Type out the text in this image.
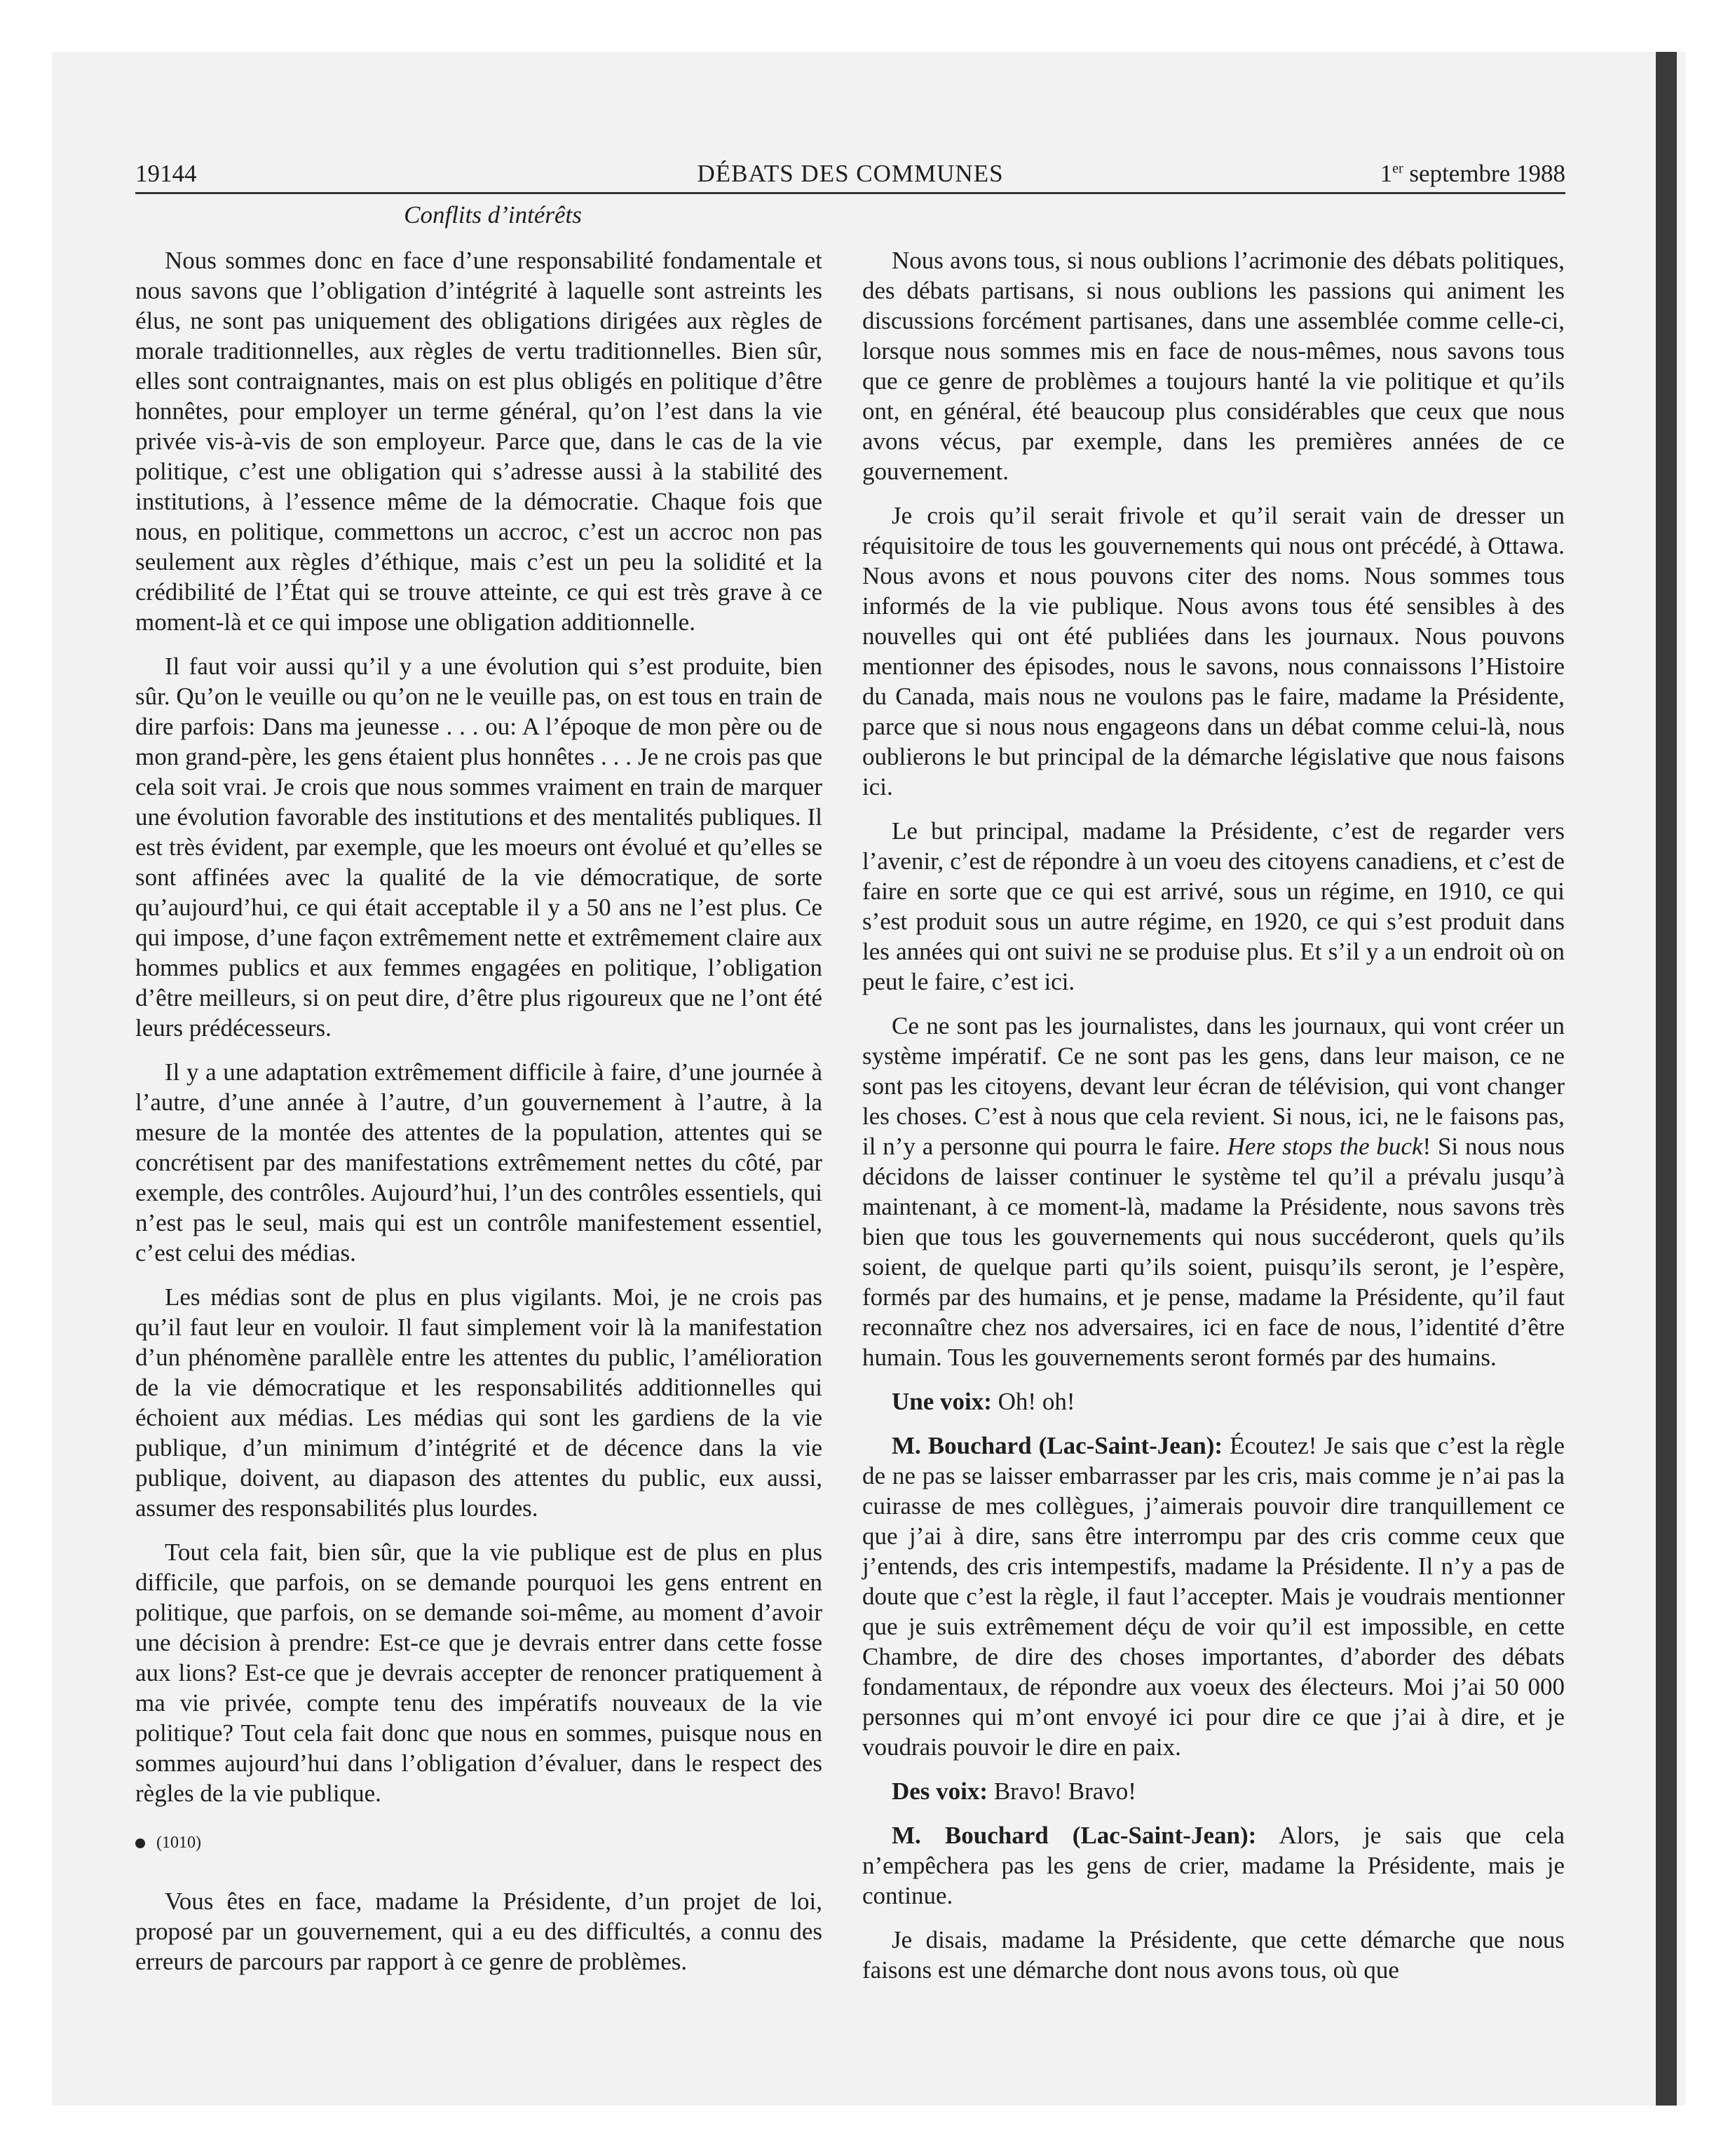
19144	DÉBATS DES COMMUNES	1er septembre 1988
Conflits d’intérêts

Nous sommes donc en face d’une responsabilité fondamentale et nous savons que l’obligation d’intégrité à laquelle sont astreints les élus, ne sont pas uniquement des obligations dirigées aux règles de morale traditionnelles, aux règles de vertu traditionnelles. Bien sûr, elles sont contraignantes, mais on est plus obligés en politique d’être honnêtes, pour employer un terme général, qu’on l’est dans la vie privée vis-à-vis de son employeur. Parce que, dans le cas de la vie politique, c’est une obligation qui s’adresse aussi à la stabilité des institutions, à l’essence même de la démocratie. Chaque fois que nous, en politique, commettons un accroc, c’est un accroc non pas seulement aux règles d’éthique, mais c’est un peu la solidité et la crédibilité de l’État qui se trouve atteinte, ce qui est très grave à ce moment-là et ce qui impose une obligation additionnelle.

Il faut voir aussi qu’il y a une évolution qui s’est produite, bien sûr. Qu’on le veuille ou qu’on ne le veuille pas, on est tous en train de dire parfois: Dans ma jeunesse . . . ou: A l’époque de mon père ou de mon grand-père, les gens étaient plus honnêtes . . . Je ne crois pas que cela soit vrai. Je crois que nous sommes vraiment en train de marquer une évolution favorable des institutions et des mentalités publiques. Il est très évident, par exemple, que les moeurs ont évolué et qu’elles se sont affinées avec la qualité de la vie démocratique, de sorte qu’aujourd’hui, ce qui était acceptable il y a 50 ans ne l’est plus. Ce qui impose, d’une façon extrêmement nette et extrêmement claire aux hommes publics et aux femmes engagées en politique, l’obligation d’être meilleurs, si on peut dire, d’être plus rigoureux que ne l’ont été leurs prédécesseurs.

Il y a une adaptation extrêmement difficile à faire, d’une journée à l’autre, d’une année à l’autre, d’un gouvernement à l’autre, à la mesure de la montée des attentes de la population, attentes qui se concrétisent par des manifestations extrêmement nettes du côté, par exemple, des contrôles. Aujourd’hui, l’un des contrôles essentiels, qui n’est pas le seul, mais qui est un contrôle manifestement essentiel, c’est celui des médias.

Les médias sont de plus en plus vigilants. Moi, je ne crois pas qu’il faut leur en vouloir. Il faut simplement voir là la manifestation d’un phénomène parallèle entre les attentes du public, l’amélioration de la vie démocratique et les responsabilités additionnelles qui échoient aux médias. Les médias qui sont les gardiens de la vie publique, d’un minimum d’intégrité et de décence dans la vie publique, doivent, au diapason des attentes du public, eux aussi, assumer des responsabilités plus lourdes.

Tout cela fait, bien sûr, que la vie publique est de plus en plus difficile, que parfois, on se demande pourquoi les gens entrent en politique, que parfois, on se demande soi-même, au moment d’avoir une décision à prendre: Est-ce que je devrais entrer dans cette fosse aux lions? Est-ce que je devrais accepter de renoncer pratiquement à ma vie privée, compte tenu des impératifs nouveaux de la vie politique? Tout cela fait donc que nous en sommes, puisque nous en sommes aujourd’hui dans l’obligation d’évaluer, dans le respect des règles de la vie publique.

(1010)

Vous êtes en face, madame la Présidente, d’un projet de loi, proposé par un gouvernement, qui a eu des difficultés, a connu des erreurs de parcours par rapport à ce genre de problèmes.

Nous avons tous, si nous oublions l’acrimonie des débats politiques, des débats partisans, si nous oublions les passions qui animent les discussions forcément partisanes, dans une assemblée comme celle-ci, lorsque nous sommes mis en face de nous-mêmes, nous savons tous que ce genre de problèmes a toujours hanté la vie politique et qu’ils ont, en général, été beaucoup plus considérables que ceux que nous avons vécus, par exemple, dans les premières années de ce gouvernement.

Je crois qu’il serait frivole et qu’il serait vain de dresser un réquisitoire de tous les gouvernements qui nous ont précédé, à Ottawa. Nous avons et nous pouvons citer des noms. Nous sommes tous informés de la vie publique. Nous avons tous été sensibles à des nouvelles qui ont été publiées dans les journaux. Nous pouvons mentionner des épisodes, nous le savons, nous connaissons l’Histoire du Canada, mais nous ne voulons pas le faire, madame la Présidente, parce que si nous nous engageons dans un débat comme celui-là, nous oublierons le but principal de la démarche législative que nous faisons ici.

Le but principal, madame la Présidente, c’est de regarder vers l’avenir, c’est de répondre à un voeu des citoyens canadiens, et c’est de faire en sorte que ce qui est arrivé, sous un régime, en 1910, ce qui s’est produit sous un autre régime, en 1920, ce qui s’est produit dans les années qui ont suivi ne se produise plus. Et s’il y a un endroit où on peut le faire, c’est ici.

Ce ne sont pas les journalistes, dans les journaux, qui vont créer un système impératif. Ce ne sont pas les gens, dans leur maison, ce ne sont pas les citoyens, devant leur écran de télévision, qui vont changer les choses. C’est à nous que cela revient. Si nous, ici, ne le faisons pas, il n’y a personne qui pourra le faire. Here stops the buck! Si nous nous décidons de laisser continuer le système tel qu’il a prévalu jusqu’à maintenant, à ce moment-là, madame la Présidente, nous savons très bien que tous les gouvernements qui nous succéderont, quels qu’ils soient, de quelque parti qu’ils soient, puisqu’ils seront, je l’espère, formés par des humains, et je pense, madame la Présidente, qu’il faut reconnaître chez nos adversaires, ici en face de nous, l’identité d’être humain. Tous les gouvernements seront formés par des humains.

Une voix: Oh! oh!

M. Bouchard (Lac-Saint-Jean): Écoutez! Je sais que c’est la règle de ne pas se laisser embarrasser par les cris, mais comme je n’ai pas la cuirasse de mes collègues, j’aimerais pouvoir dire tranquillement ce que j’ai à dire, sans être interrompu par des cris comme ceux que j’entends, des cris intempestifs, madame la Présidente. Il n’y a pas de doute que c’est la règle, il faut l’accepter. Mais je voudrais mentionner que je suis extrêmement déçu de voir qu’il est impossible, en cette Chambre, de dire des choses importantes, d’aborder des débats fondamentaux, de répondre aux voeux des électeurs. Moi j’ai 50 000 personnes qui m’ont envoyé ici pour dire ce que j’ai à dire, et je voudrais pouvoir le dire en paix.

Des voix: Bravo! Bravo!

M. Bouchard (Lac-Saint-Jean): Alors, je sais que cela n’empêchera pas les gens de crier, madame la Présidente, mais je continue.

Je disais, madame la Présidente, que cette démarche que nous faisons est une démarche dont nous avons tous, où que
